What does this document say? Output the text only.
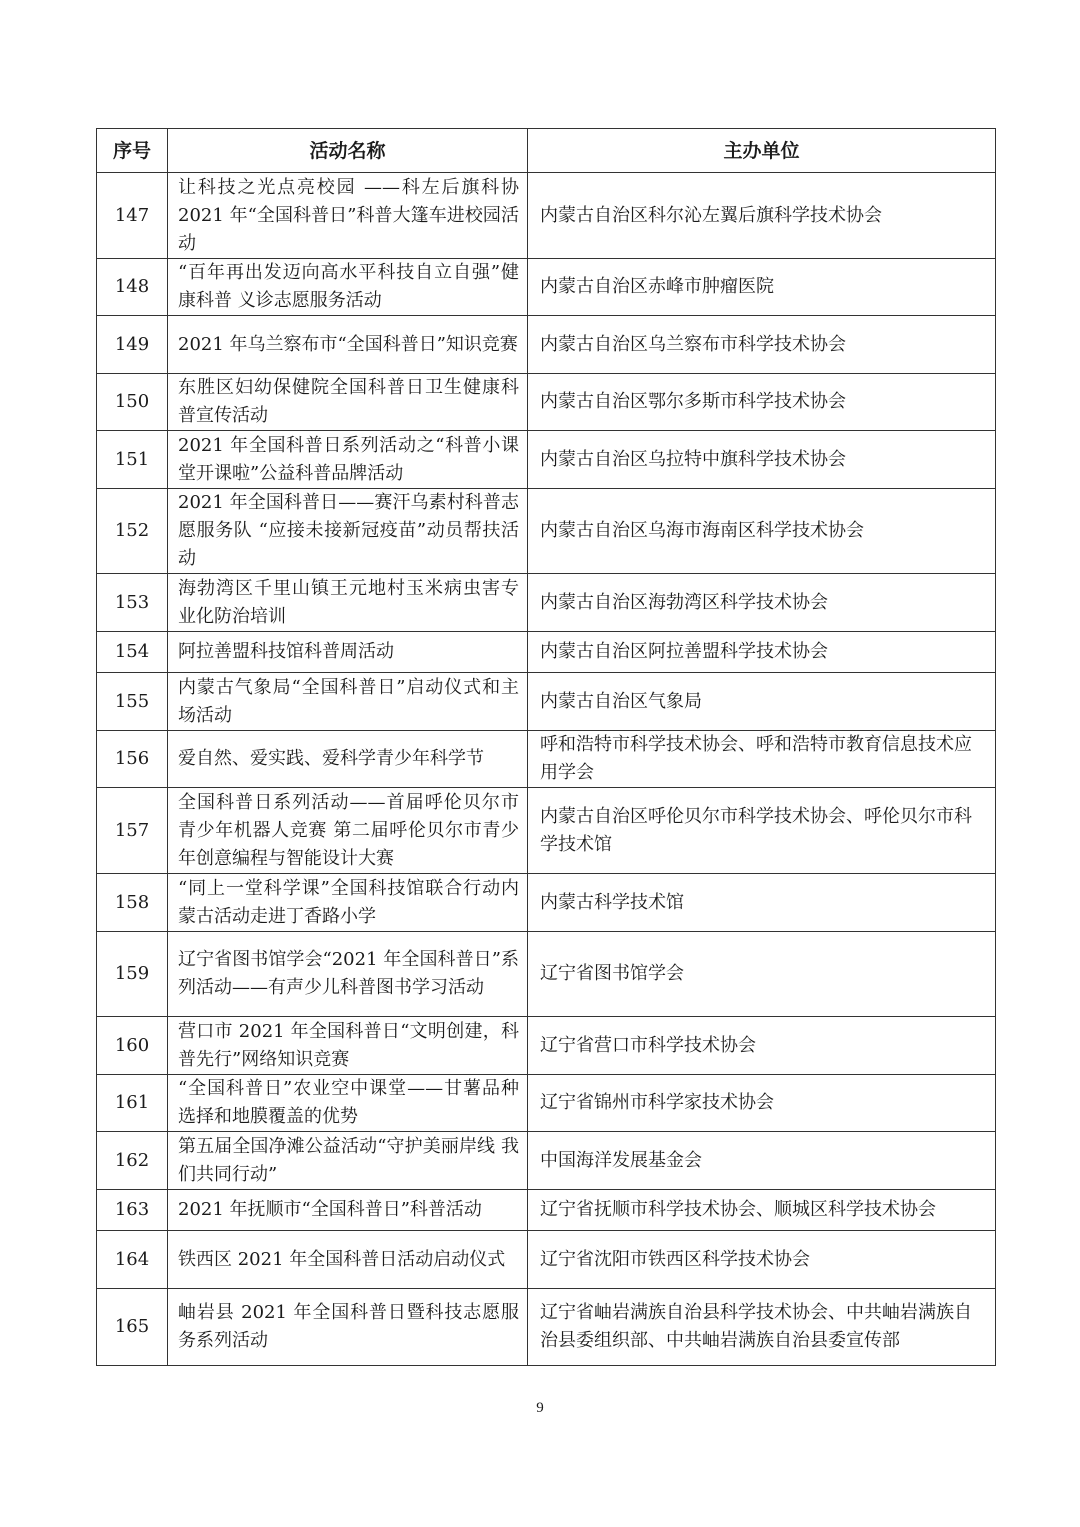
序号	活动名称	主办单位
147	让科技之光点亮校园 ——科左后旗科协 2021 年“全国科普日”科普大篷车进校园活动	内蒙古自治区科尔沁左翼后旗科学技术协会
148	“百年再出发迈向高水平科技自立自强”健康科普 义诊志愿服务活动	内蒙古自治区赤峰市肿瘤医院
149	2021 年乌兰察布市“全国科普日”知识竞赛	内蒙古自治区乌兰察布市科学技术协会
150	东胜区妇幼保健院全国科普日卫生健康科普宣传活动	内蒙古自治区鄂尔多斯市科学技术协会
151	2021 年全国科普日系列活动之“科普小课堂开课啦”公益科普品牌活动	内蒙古自治区乌拉特中旗科学技术协会
152	2021 年全国科普日——赛汗乌素村科普志愿服务队 “应接未接新冠疫苗”动员帮扶活动	内蒙古自治区乌海市海南区科学技术协会
153	海勃湾区千里山镇王元地村玉米病虫害专业化防治培训	内蒙古自治区海勃湾区科学技术协会
154	阿拉善盟科技馆科普周活动	内蒙古自治区阿拉善盟科学技术协会
155	内蒙古气象局“全国科普日”启动仪式和主场活动	内蒙古自治区气象局
156	爱自然、爱实践、爱科学青少年科学节	呼和浩特市科学技术协会、呼和浩特市教育信息技术应用学会
157	全国科普日系列活动——首届呼伦贝尔市青少年机器人竞赛 第二届呼伦贝尔市青少年创意编程与智能设计大赛	内蒙古自治区呼伦贝尔市科学技术协会、呼伦贝尔市科学技术馆
158	“同上一堂科学课”全国科技馆联合行动内蒙古活动走进丁香路小学	内蒙古科学技术馆
159	辽宁省图书馆学会“2021 年全国科普日”系列活动——有声少儿科普图书学习活动	辽宁省图书馆学会
160	营口市 2021 年全国科普日“文明创建，科普先行”网络知识竞赛	辽宁省营口市科学技术协会
161	“全国科普日”农业空中课堂——甘薯品种选择和地膜覆盖的优势	辽宁省锦州市科学家技术协会
162	第五届全国净滩公益活动“守护美丽岸线 我们共同行动”	中国海洋发展基金会
163	2021 年抚顺市“全国科普日”科普活动	辽宁省抚顺市科学技术协会、顺城区科学技术协会
164	铁西区 2021 年全国科普日活动启动仪式	辽宁省沈阳市铁西区科学技术协会
165	岫岩县 2021 年全国科普日暨科技志愿服务系列活动	辽宁省岫岩满族自治县科学技术协会、中共岫岩满族自治县委组织部、中共岫岩满族自治县委宣传部
9
